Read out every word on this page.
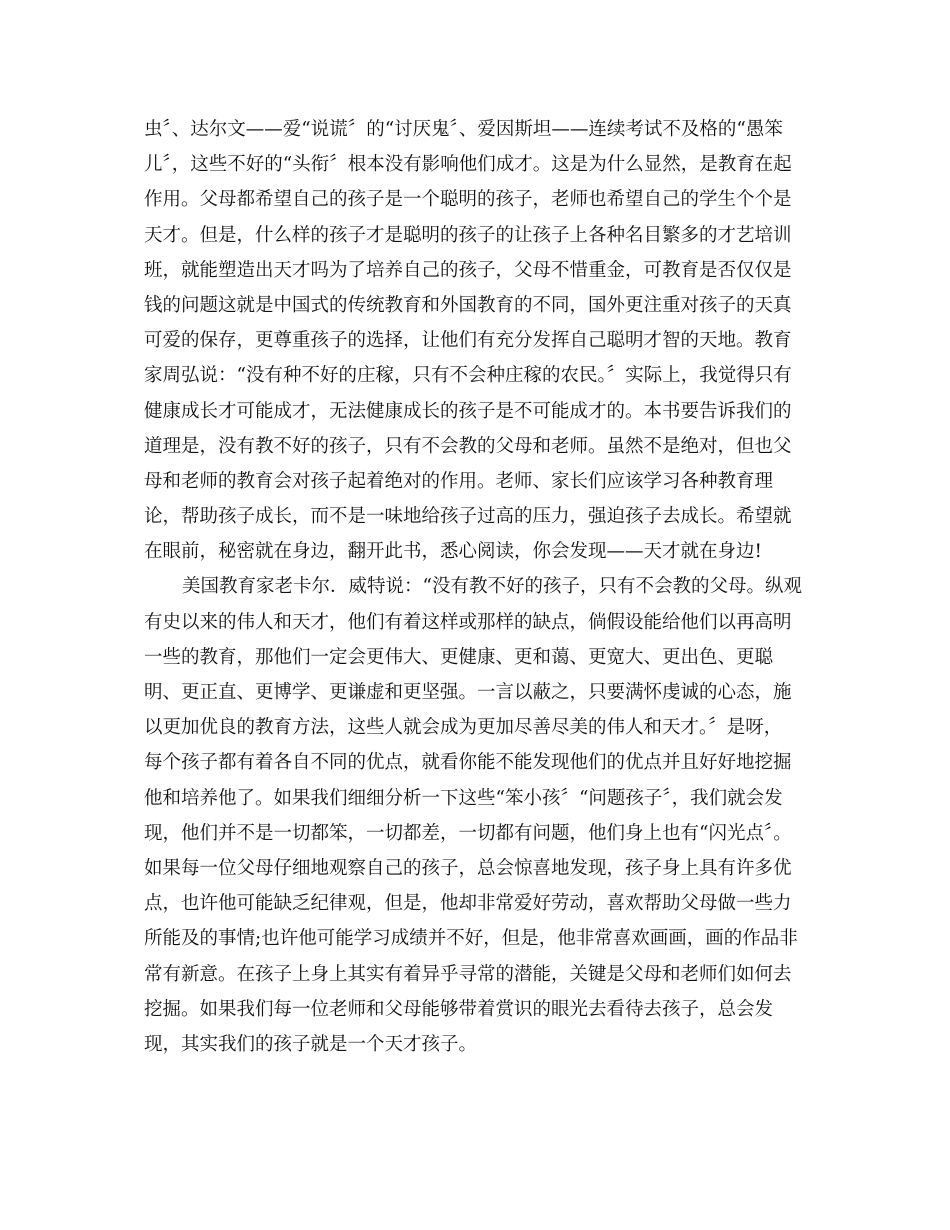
虫〞、达尔文——爱“说谎〞的“讨厌鬼〞、爱因斯坦——连续考试不及格的“愚笨
儿〞，这些不好的“头衔〞根本没有影响他们成才。这是为什么显然，是教育在起
作用。父母都希望自己的孩子是一个聪明的孩子，老师也希望自己的学生个个是
天才。但是，什么样的孩子才是聪明的孩子的让孩子上各种名目繁多的才艺培训
班，就能塑造出天才吗为了培养自己的孩子，父母不惜重金，可教育是否仅仅是
钱的问题这就是中国式的传统教育和外国教育的不同，国外更注重对孩子的天真
可爱的保存，更尊重孩子的选择，让他们有充分发挥自己聪明才智的天地。教育
家周弘说：“没有种不好的庄稼，只有不会种庄稼的农民。〞实际上，我觉得只有
健康成长才可能成才，无法健康成长的孩子是不可能成才的。本书要告诉我们的
道理是，没有教不好的孩子，只有不会教的父母和老师。虽然不是绝对，但也父
母和老师的教育会对孩子起着绝对的作用。老师、家长们应该学习各种教育理
论，帮助孩子成长，而不是一味地给孩子过高的压力，强迫孩子去成长。希望就
在眼前，秘密就在身边，翻开此书，悉心阅读，你会发现——天才就在身边!
美国教育家老卡尔．威特说：“没有教不好的孩子，只有不会教的父母。纵观
有史以来的伟人和天才，他们有着这样或那样的缺点，倘假设能给他们以再高明
一些的教育，那他们一定会更伟大、更健康、更和蔼、更宽大、更出色、更聪
明、更正直、更博学、更谦虚和更坚强。一言以蔽之，只要满怀虔诚的心态，施
以更加优良的教育方法，这些人就会成为更加尽善尽美的伟人和天才。〞是呀，
每个孩子都有着各自不同的优点，就看你能不能发现他们的优点并且好好地挖掘
他和培养他了。如果我们细细分析一下这些“笨小孩〞“问题孩子〞，我们就会发
现，他们并不是一切都笨，一切都差，一切都有问题，他们身上也有“闪光点〞。
如果每一位父母仔细地观察自己的孩子，总会惊喜地发现，孩子身上具有许多优
点，也许他可能缺乏纪律观，但是，他却非常爱好劳动，喜欢帮助父母做一些力
所能及的事情;也许他可能学习成绩并不好，但是，他非常喜欢画画，画的作品非
常有新意。在孩子上身上其实有着异乎寻常的潜能，关键是父母和老师们如何去
挖掘。如果我们每一位老师和父母能够带着赏识的眼光去看待去孩子，总会发
现，其实我们的孩子就是一个天才孩子。
